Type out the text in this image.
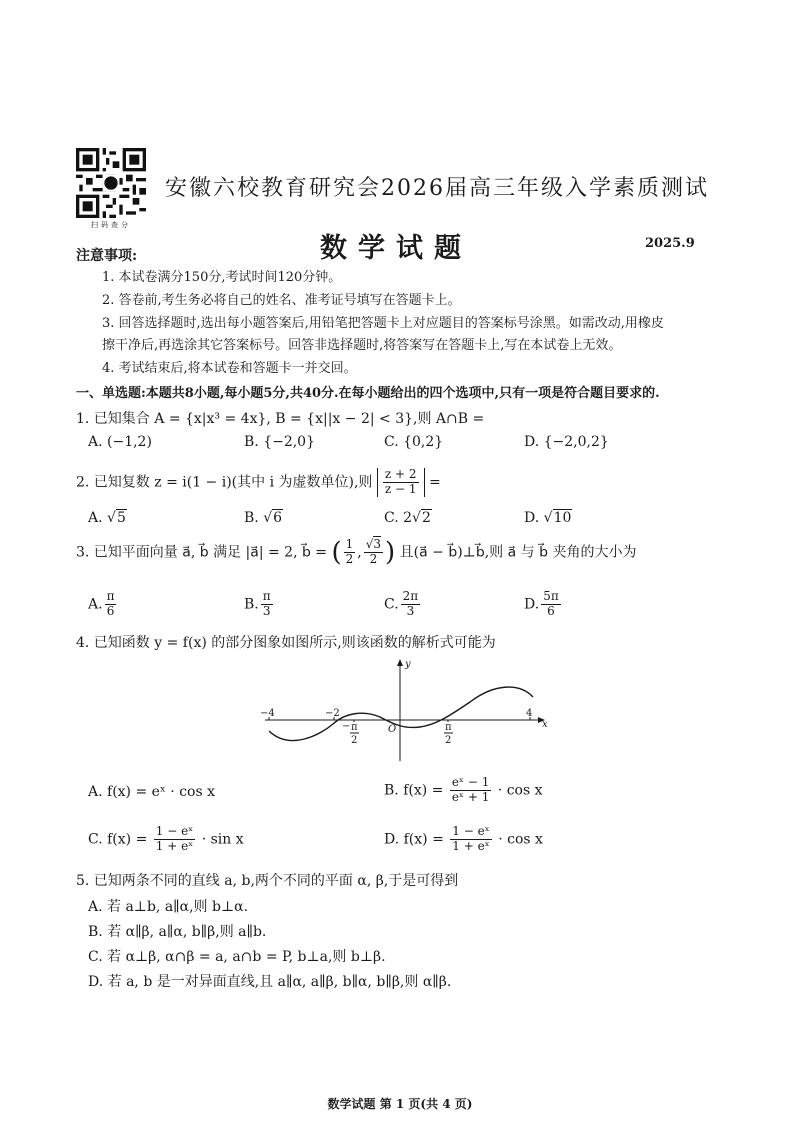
扫码查分
安徽六校教育研究会2026届高三年级入学素质测试
数学试题	2025.9
注意事项:
1. 本试卷满分150分,考试时间120分钟。
2. 答卷前,考生务必将自己的姓名、准考证号填写在答题卡上。
3. 回答选择题时,选出每小题答案后,用铅笔把答题卡上对应题目的答案标号涂黑。如需改动,用橡皮
擦干净后,再选涂其它答案标号。回答非选择题时,将答案写在答题卡上,写在本试卷上无效。
4. 考试结束后,将本试卷和答题卡一并交回。
一、单选题:本题共8小题,每小题5分,共40分.在每小题给出的四个选项中,只有一项是符合题目要求的.
1. 已知集合 A = {x|x³ = 4x}, B = {x||x − 2| < 3},则 A∩B =
A. (−1,2)	B. {−2,0}	C. {0,2}	D. {−2,0,2}
2. 已知复数 z = i(1 − i)(其中 i 为虚数单位),则 $\frac{z + 2}{z - 1}$ =
A. √5	B. √6	C. 2√2	D. √10
3. 已知平面向量 a⃗, b⃗ 满足 |a⃗| = 2, b⃗ = ( $\frac{1}{2}$ , $\frac{√3}{2}$ ) 且(a⃗ − b⃗)⊥b⃗,则 a⃗ 与 b⃗ 夹角的大小为
A. $\frac{\pi}{6}$	B. $\frac{\pi}{3}$	C. $\frac{2\pi}{3}$	D. $\frac{5\pi}{6}$
4. 已知函数 y = f(x) 的部分图象如图所示,则该函数的解析式可能为
y
x
O
−4	−2	4
− π
2
π
2
A. f(x) = eˣ · cos x	B. $f(x) = \frac{\text{eˣ − 1}}{\text{eˣ + 1}} \cdot \cos x$
C. $f(x) = \frac{\text{1 − eˣ}}{\text{1 + eˣ}} \cdot \sin x$	D. $f(x) = \frac{\text{1 − eˣ}}{\text{1 + eˣ}} \cdot \cos x$
5. 已知两条不同的直线 a, b,两个不同的平面 α, β,于是可得到
A. 若 a⊥b, a∥α,则 b⊥α.
B. 若 α∥β, a∥α, b∥β,则 a∥b.
C. 若 α⊥β, α∩β = a, a∩b = P, b⊥a,则 b⊥β.
D. 若 a, b 是一对异面直线,且 a∥α, a∥β, b∥α, b∥β,则 α∥β.
数学试题 第 1 页(共 4 页)
